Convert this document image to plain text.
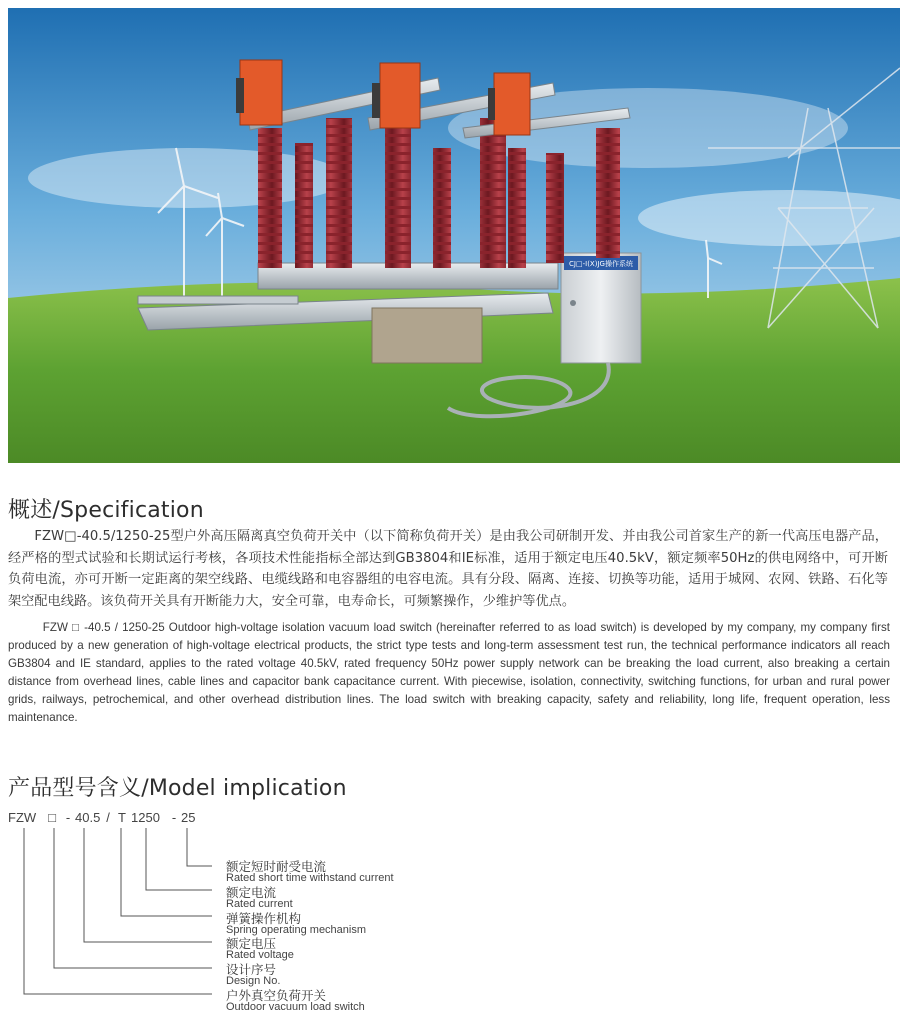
CJ□-I(X)JG操作系统
概述/Specification

FZW□-40.5/1250-25型户外高压隔离真空负荷开关中（以下简称负荷开关）是由我公司研制开发、并由我公司首家生产的新一代高压电器产品，经严格的型式试验和长期试运行考核，各项技术性能指标全部达到GB3804和IE标准，适用于额定电压40.5kV，额定频率50Hz的供电网络中，可开断负荷电流，亦可开断一定距离的架空线路、电缆线路和电容器组的电容电流。具有分段、隔离、连接、切换等功能，适用于城网、农网、铁路、石化等架空配电线路。该负荷开关具有开断能力大，安全可靠，电寿命长，可频繁操作，少维护等优点。

FZW □ -40.5 / 1250-25 Outdoor high-voltage isolation vacuum load switch (hereinafter referred to as load switch) is developed by my company, my company first produced by a new generation of high-voltage electrical products, the strict type tests and long-term assessment test run, the technical performance indicators all reach GB3804 and IE standard, applies to the rated voltage 40.5kV, rated frequency 50Hz power supply network can be breaking the load current, also breaking a certain distance from overhead lines, cable lines and capacitor bank capacitance current. With piecewise, isolation, connectivity, switching functions, for urban and rural power grids, railways, petrochemical, and other overhead distribution lines. The load switch with breaking capacity, safety and reliability, long life, frequent operation, less maintenance.

产品型号含义/Model implication
FZW □ - 40.5 / T 1250 - 25
额定短时耐受电流
Rated short time withstand current
额定电流
Rated current
弹簧操作机构
Spring operating mechanism
额定电压
Rated voltage
设计序号
Design No.
户外真空负荷开关
Outdoor vacuum load switch
